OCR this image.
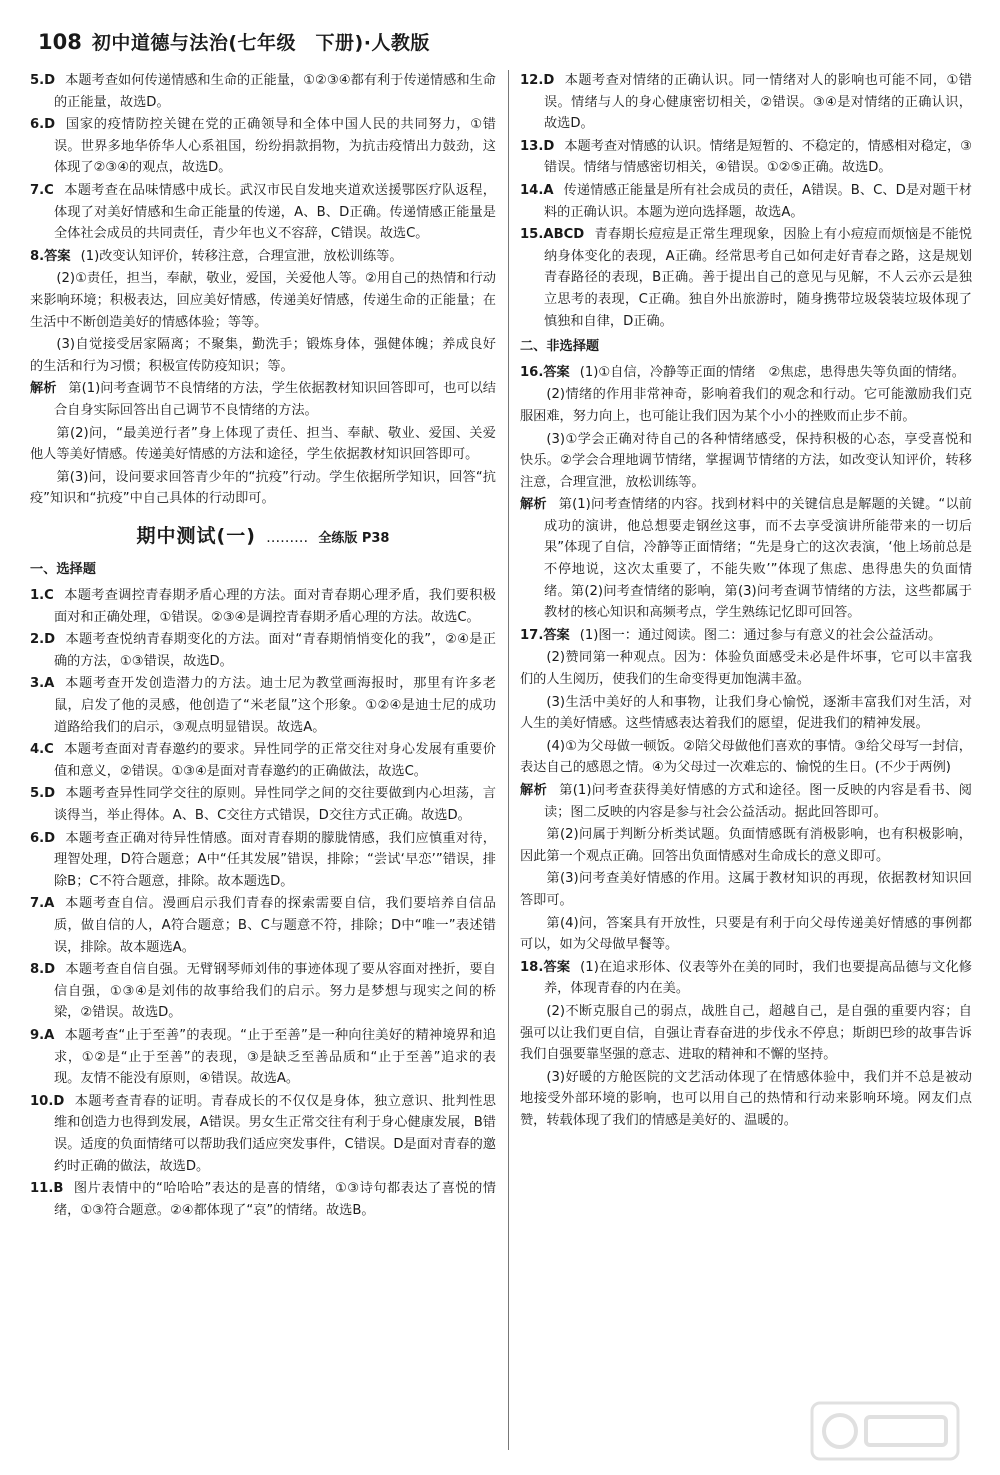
108 初中道德与法治(七年级　下册)·人教版
5.D 本题考查如何传递情感和生命的正能量，①②③④都有利于传递情感和生命的正能量，故选D。
6.D 国家的疫情防控关键在党的正确领导和全体中国人民的共同努力，①错误。世界多地华侨华人心系祖国，纷纷捐款捐物，为抗击疫情出力鼓劲，这体现了②③④的观点，故选D。
7.C 本题考查在品味情感中成长。武汉市民自发地夹道欢送援鄂医疗队返程，体现了对美好情感和生命正能量的传递，A、B、D正确。传递情感正能量是全体社会成员的共同责任，青少年也义不容辞，C错误。故选C。
8.答案 (1)改变认知评价，转移注意，合理宣泄，放松训练等。
(2)①责任，担当，奉献，敬业，爱国，关爱他人等。②用自己的热情和行动来影响环境；积极表达，回应美好情感，传递美好情感，传递生命的正能量；在生活中不断创造美好的情感体验；等等。
(3)自觉接受居家隔离；不聚集，勤洗手；锻炼身体，强健体魄；养成良好的生活和行为习惯；积极宣传防疫知识；等。
解析 第(1)问考查调节不良情绪的方法，学生依据教材知识回答即可，也可以结合自身实际回答出自己调节不良情绪的方法。
第(2)问，“最美逆行者”身上体现了责任、担当、奉献、敬业、爱国、关爱他人等美好情感。传递美好情感的方法和途径，学生依据教材知识回答即可。
第(3)问，设问要求回答青少年的“抗疫”行动。学生依据所学知识，回答“抗疫”知识和“抗疫”中自己具体的行动即可。
期中测试(一) ……… 全练版 P38
一、选择题
1.C 本题考查调控青春期矛盾心理的方法。面对青春期心理矛盾，我们要积极面对和正确处理，①错误。②③④是调控青春期矛盾心理的方法。故选C。
2.D 本题考查悦纳青春期变化的方法。面对“青春期悄悄变化的我”，②④是正确的方法，①③错误，故选D。
3.A 本题考查开发创造潜力的方法。迪士尼为教堂画海报时，那里有许多老鼠，启发了他的灵感，他创造了“米老鼠”这个形象。①②④是迪士尼的成功道路给我们的启示，③观点明显错误。故选A。
4.C 本题考查面对青春邀约的要求。异性同学的正常交往对身心发展有重要价值和意义，②错误。①③④是面对青春邀约的正确做法，故选C。
5.D 本题考查异性同学交往的原则。异性同学之间的交往要做到内心坦荡，言谈得当，举止得体。A、B、C交往方式错误，D交往方式正确。故选D。
6.D 本题考查正确对待异性情感。面对青春期的朦胧情感，我们应慎重对待，理智处理，D符合题意；A中“任其发展”错误，排除；“尝试‘早恋’”错误，排除B；C不符合题意，排除。故本题选D。
7.A 本题考查自信。漫画启示我们青春的探索需要自信，我们要培养自信品质，做自信的人，A符合题意；B、C与题意不符，排除；D中“唯一”表述错误，排除。故本题选A。
8.D 本题考查自信自强。无臂钢琴师刘伟的事迹体现了要从容面对挫折，要自信自强，①③④是刘伟的故事给我们的启示。努力是梦想与现实之间的桥梁，②错误。故选D。
9.A 本题考查“止于至善”的表现。“止于至善”是一种向往美好的精神境界和追求，①②是“止于至善”的表现，③是缺乏至善品质和“止于至善”追求的表现。友情不能没有原则，④错误。故选A。
10.D 本题考查青春的证明。青春成长的不仅仅是身体，独立意识、批判性思维和创造力也得到发展，A错误。男女生正常交往有利于身心健康发展，B错误。适度的负面情绪可以帮助我们适应突发事件，C错误。D是面对青春的邀约时正确的做法，故选D。
11.B 图片表情中的“哈哈哈”表达的是喜的情绪，①③诗句都表达了喜悦的情绪，①③符合题意。②④都体现了“哀”的情绪。故选B。
12.D 本题考查对情绪的正确认识。同一情绪对人的影响也可能不同，①错误。情绪与人的身心健康密切相关，②错误。③④是对情绪的正确认识，故选D。
13.D 本题考查对情感的认识。情绪是短暂的、不稳定的，情感相对稳定，③错误。情绪与情感密切相关，④错误。①②⑤正确。故选D。
14.A 传递情感正能量是所有社会成员的责任，A错误。B、C、D是对题干材料的正确认识。本题为逆向选择题，故选A。
15.ABCD 青春期长痘痘是正常生理现象，因脸上有小痘痘而烦恼是不能悦纳身体变化的表现，A正确。经常思考自己如何走好青春之路，这是规划青春路径的表现，B正确。善于提出自己的意见与见解，不人云亦云是独立思考的表现，C正确。独自外出旅游时，随身携带垃圾袋装垃圾体现了慎独和自律，D正确。
二、非选择题
16.答案 (1)①自信，冷静等正面的情绪　②焦虑，患得患失等负面的情绪。
(2)情绪的作用非常神奇，影响着我们的观念和行动。它可能激励我们克服困难，努力向上，也可能让我们因为某个小小的挫败而止步不前。
(3)①学会正确对待自己的各种情绪感受，保持积极的心态，享受喜悦和快乐。②学会合理地调节情绪，掌握调节情绪的方法，如改变认知评价，转移注意，合理宣泄，放松训练等。
解析 第(1)问考查情绪的内容。找到材料中的关键信息是解题的关键。“以前成功的演讲，他总想要走钢丝这事，而不去享受演讲所能带来的一切后果”体现了自信，冷静等正面情绪；“先是身亡的这次表演，‘他上场前总是不停地说，这次太重要了，不能失败’”体现了焦虑、患得患失的负面情绪。第(2)问考查情绪的影响，第(3)问考查调节情绪的方法，这些都属于教材的核心知识和高频考点，学生熟练记忆即可回答。
17.答案 (1)图一：通过阅读。图二：通过参与有意义的社会公益活动。
(2)赞同第一种观点。因为：体验负面感受未必是件坏事，它可以丰富我们的人生阅历，使我们的生命变得更加饱满丰盈。
(3)生活中美好的人和事物，让我们身心愉悦，逐渐丰富我们对生活，对人生的美好情感。这些情感表达着我们的愿望，促进我们的精神发展。
(4)①为父母做一顿饭。②陪父母做他们喜欢的事情。③给父母写一封信，表达自己的感恩之情。④为父母过一次难忘的、愉悦的生日。(不少于两例)
解析 第(1)问考查获得美好情感的方式和途径。图一反映的内容是看书、阅读；图二反映的内容是参与社会公益活动。据此回答即可。
第(2)问属于判断分析类试题。负面情感既有消极影响，也有积极影响，因此第一个观点正确。回答出负面情感对生命成长的意义即可。
第(3)问考查美好情感的作用。这属于教材知识的再现，依据教材知识回答即可。
第(4)问，答案具有开放性，只要是有利于向父母传递美好情感的事例都可以，如为父母做早餐等。
18.答案 (1)在追求形体、仪表等外在美的同时，我们也要提高品德与文化修养，体现青春的内在美。
(2)不断克服自己的弱点，战胜自己，超越自己，是自强的重要内容；自强可以让我们更自信，自强让青春奋进的步伐永不停息；斯朗巴珍的故事告诉我们自强要靠坚强的意志、进取的精神和不懈的坚持。
(3)好暖的方舱医院的文艺活动体现了在情感体验中，我们并不总是被动地接受外部环境的影响，也可以用自己的热情和行动来影响环境。网友们点赞，转载体现了我们的情感是美好的、温暖的。
